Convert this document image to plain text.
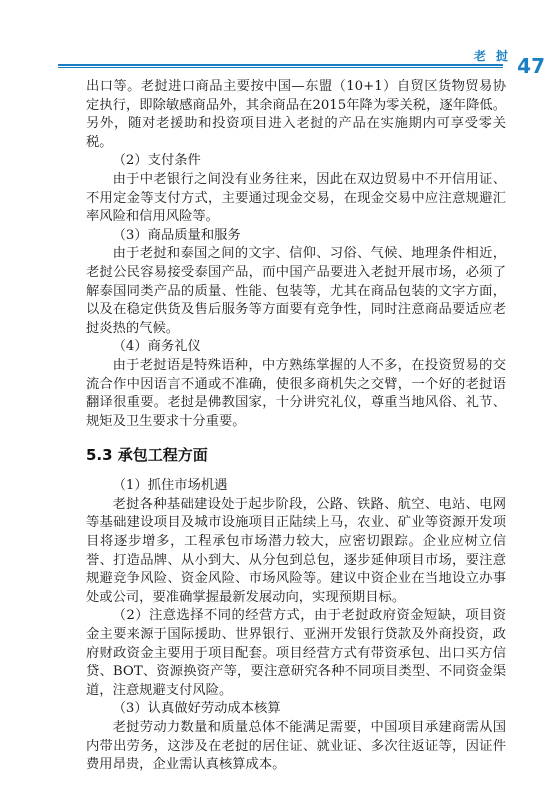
老 挝 47

出口等。老挝进口商品主要按中国—东盟（10+1）自贸区货物贸易协定执行，即除敏感商品外，其余商品在2015年降为零关税，逐年降低。另外，随对老援助和投资项目进入老挝的产品在实施期内可享受零关税。

（2）支付条件

由于中老银行之间没有业务往来，因此在双边贸易中不开信用证、不用定金等支付方式，主要通过现金交易，在现金交易中应注意规避汇率风险和信用风险等。

（3）商品质量和服务

由于老挝和泰国之间的文字、信仰、习俗、气候、地理条件相近，老挝公民容易接受泰国产品，而中国产品要进入老挝开展市场，必须了解泰国同类产品的质量、性能、包装等，尤其在商品包装的文字方面，以及在稳定供货及售后服务等方面要有竞争性，同时注意商品要适应老挝炎热的气候。

（4）商务礼仪

由于老挝语是特殊语种，中方熟练掌握的人不多，在投资贸易的交流合作中因语言不通或不准确，使很多商机失之交臂，一个好的老挝语翻译很重要。老挝是佛教国家，十分讲究礼仪，尊重当地风俗、礼节、规矩及卫生要求十分重要。

5.3 承包工程方面

（1）抓住市场机遇

老挝各种基础建设处于起步阶段，公路、铁路、航空、电站、电网等基础建设项目及城市设施项目正陆续上马，农业、矿业等资源开发项目将逐步增多，工程承包市场潜力较大，应密切跟踪。企业应树立信誉、打造品牌、从小到大、从分包到总包，逐步延伸项目市场，要注意规避竞争风险、资金风险、市场风险等。建议中资企业在当地设立办事处或公司，要准确掌握最新发展动向，实现预期目标。

（2）注意选择不同的经营方式，由于老挝政府资金短缺，项目资金主要来源于国际援助、世界银行、亚洲开发银行贷款及外商投资，政府财政资金主要用于项目配套。项目经营方式有带资承包、出口买方信贷、BOT、资源换资产等，要注意研究各种不同项目类型、不同资金渠道，注意规避支付风险。

（3）认真做好劳动成本核算

老挝劳动力数量和质量总体不能满足需要，中国项目承建商需从国内带出劳务，这涉及在老挝的居住证、就业证、多次往返证等，因证件费用昂贵，企业需认真核算成本。
